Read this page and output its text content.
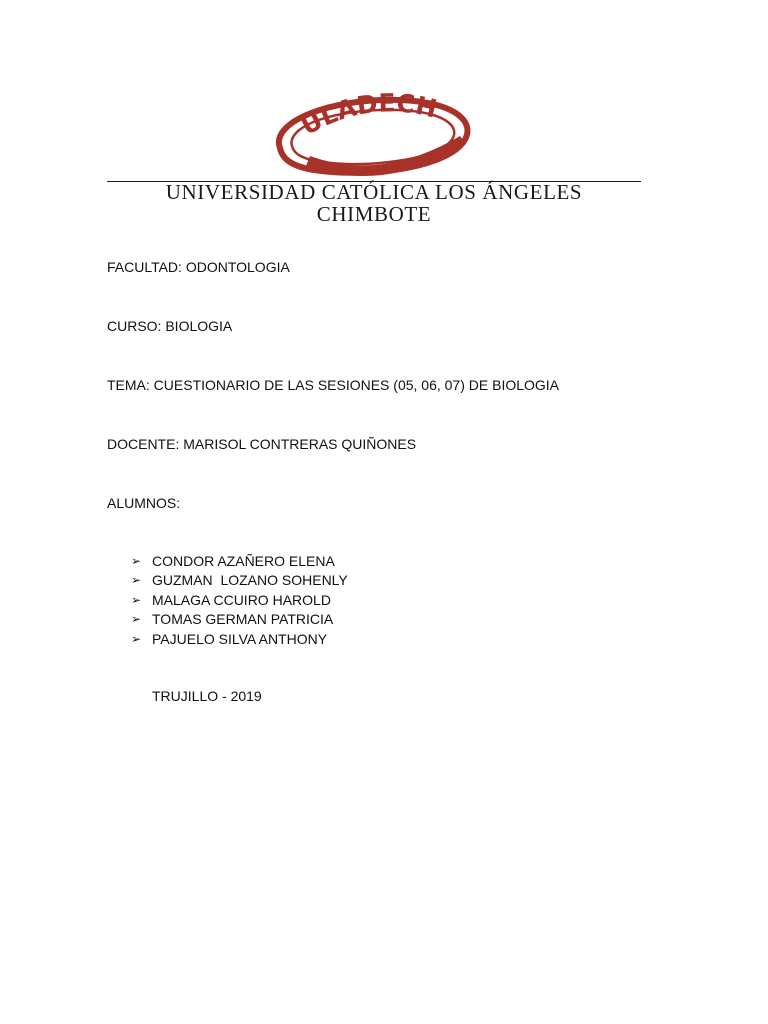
ULADECH
CATÓLICA
UNIVERSIDAD CATÓLICA LOS ÁNGELES
CHIMBOTE
FACULTAD: ODONTOLOGIA
CURSO: BIOLOGIA
TEMA: CUESTIONARIO DE LAS SESIONES (05, 06, 07) DE BIOLOGIA
DOCENTE: MARISOL CONTRERAS QUIÑONES
ALUMNOS:
➢ CONDOR AZAÑERO ELENA
➢ GUZMAN  LOZANO SOHENLY
➢ MALAGA CCUIRO HAROLD
➢ TOMAS GERMAN PATRICIA
➢ PAJUELO SILVA ANTHONY
TRUJILLO - 2019
